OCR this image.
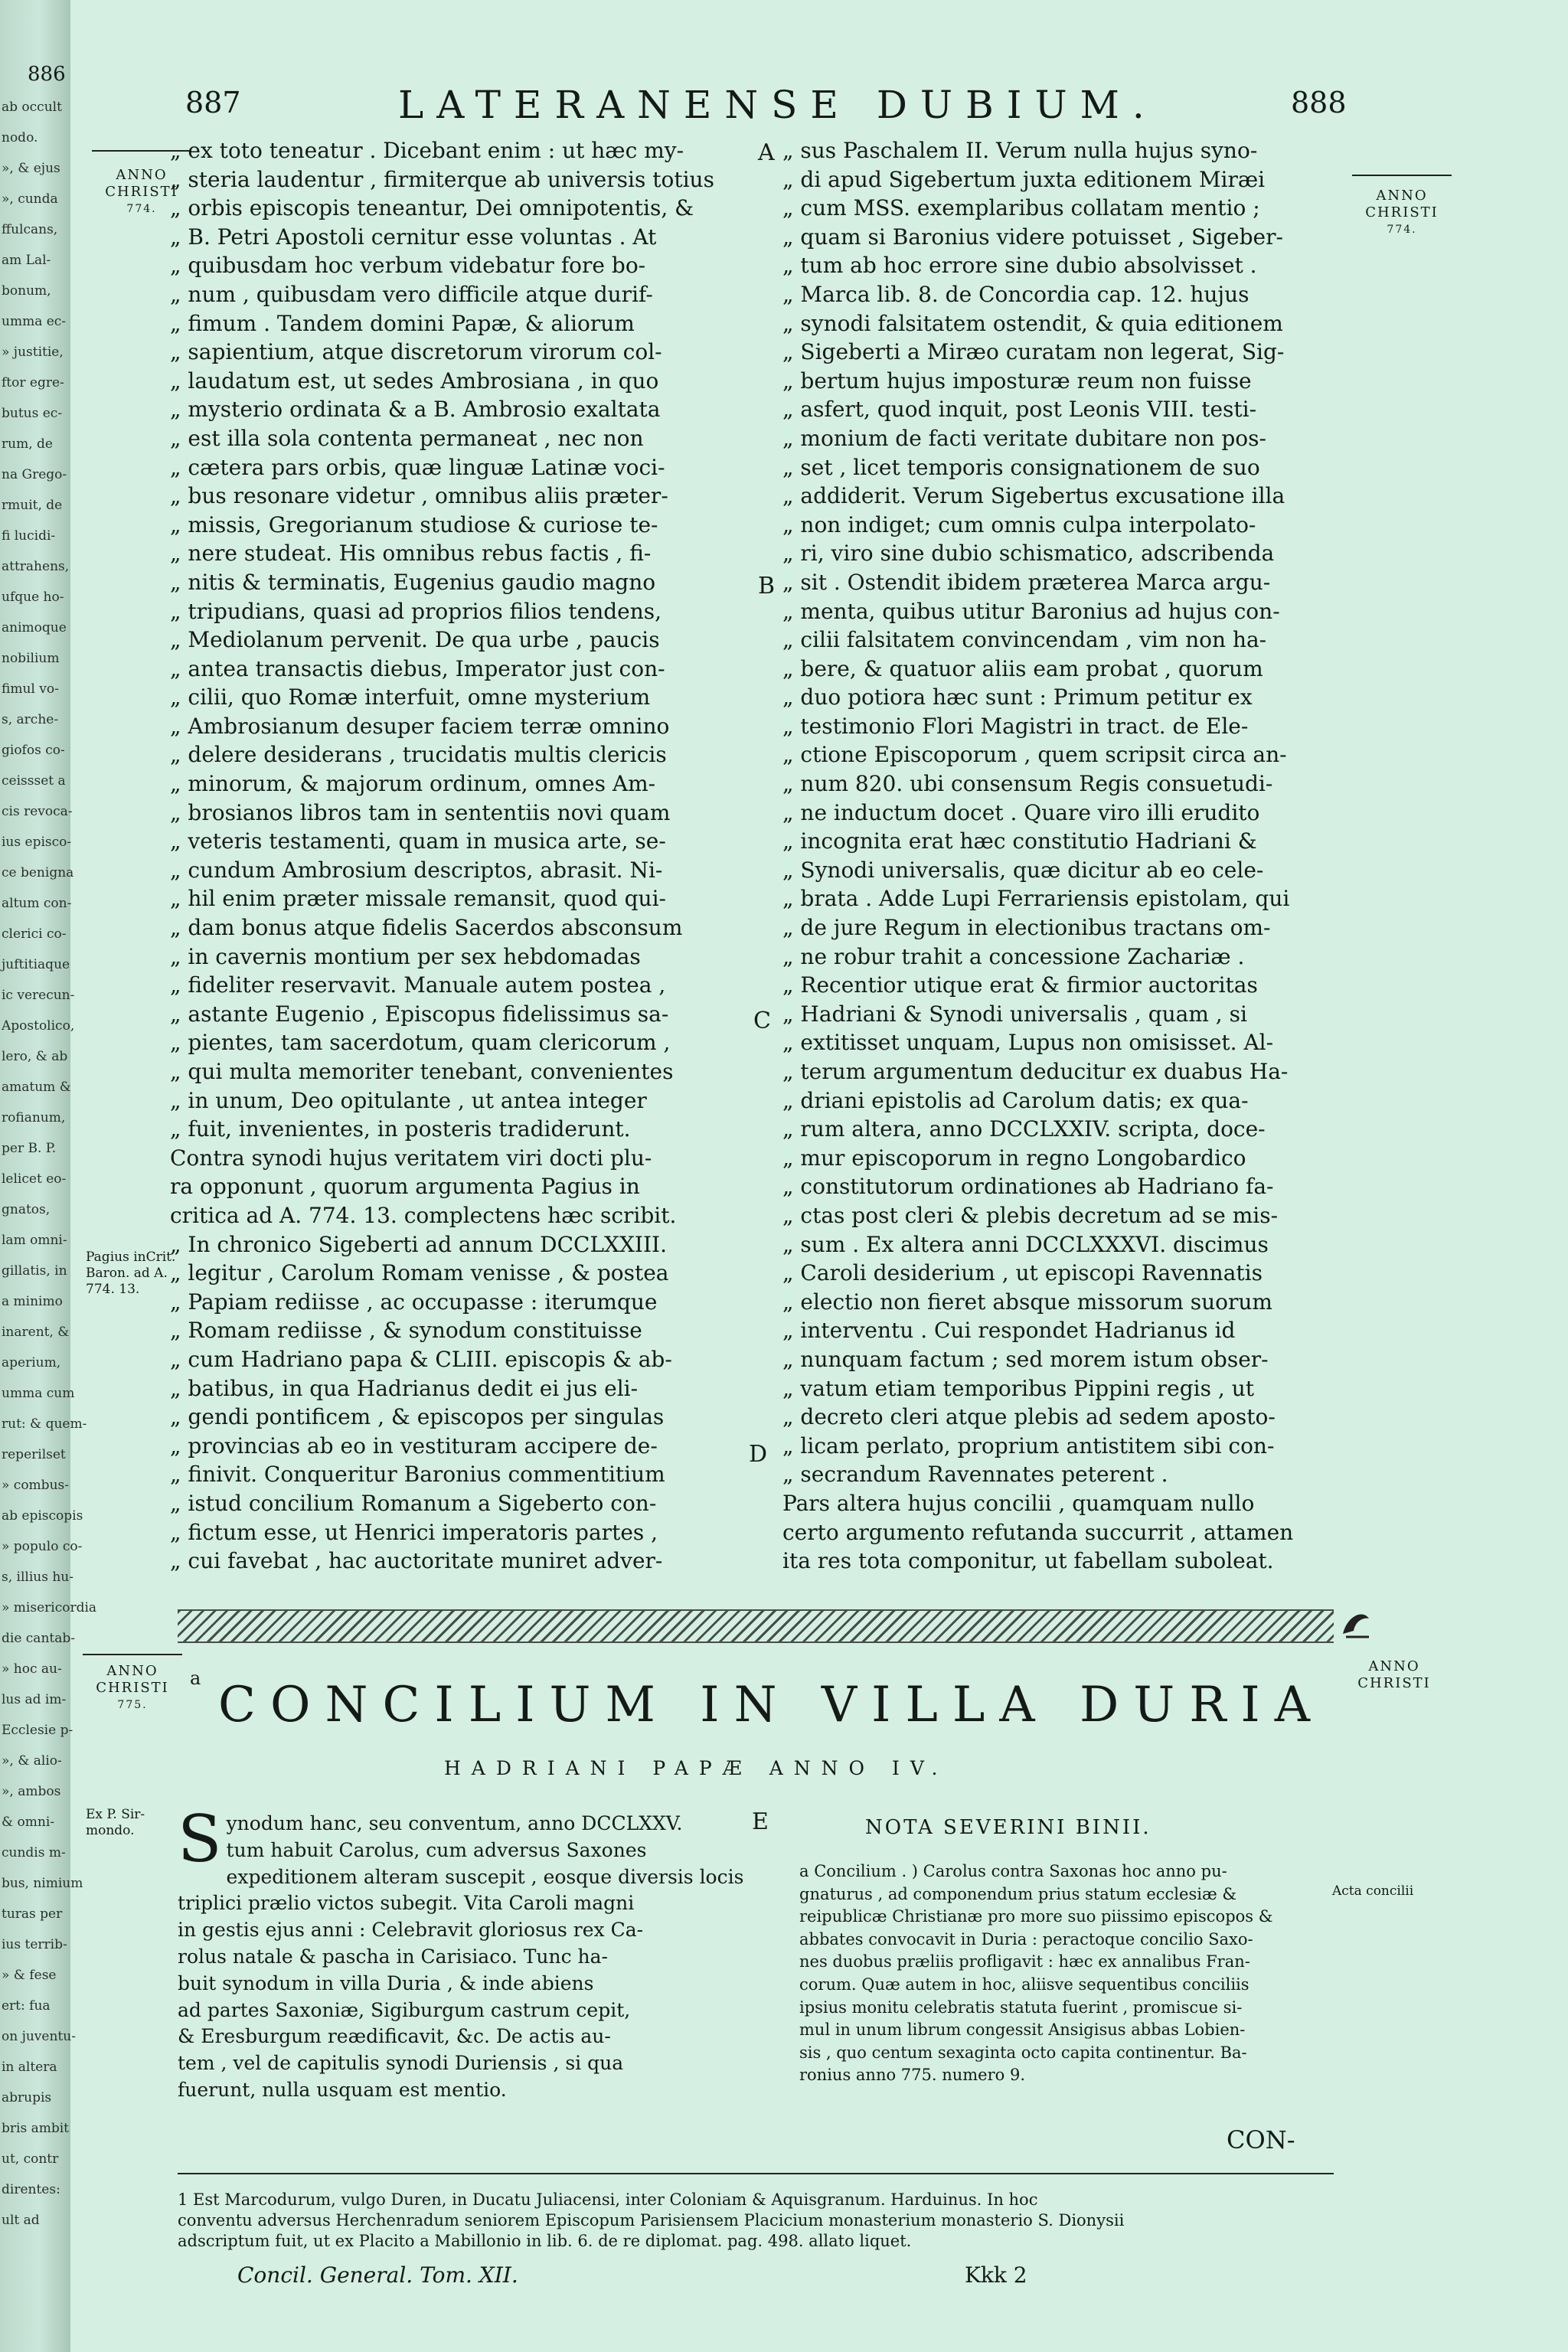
886
ab occult
nodo.
», & ejus
», cunda
ffulcans,
am Lal-
bonum,
umma ec-
» justitie,
ftor egre-
butus ec-
rum, de
na Grego-
rmuit, de
fi lucidi-
attrahens,
ufque ho-
animoque
nobilium
fimul vo-
s, arche-
giofos co-
ceissset a
cis revoca-
ius episco-
ce benigna
altum con-
clerici co-
juftitiaque
ic verecun-
Apostolico,
lero, & ab
amatum &
rofianum,
per B. P.
lelicet eo-
gnatos,
lam omni-
gillatis, in
a minimo
inarent, &
aperium,
umma cum
rut: & quem-
reperilset
» combus-
ab episcopis
» populo co-
s, illius hu-
» misericordia
die cantab-
» hoc au-
lus ad im-
Ecclesie p-
», & alio-
», ambos
& omni-
cundis m-
bus, nimium
turas per
ius terrib-
» & fese
ert: fua
on juventu-
in altera
abrupis
bris ambit
ut, contr
direntes:
ult ad
887	LATERANENSE DUBIUM.	888
ANNO
CHRISTI
774.
ANNO
CHRISTI
774.
Pagius inCrit.
Baron. ad A.
774. 13.
A
B
C
D
„ ex toto teneatur . Dicebant enim : ut hæc my-
„ steria laudentur , firmiterque ab universis totius
„ orbis episcopis teneantur, Dei omnipotentis, &
„ B. Petri Apostoli cernitur esse voluntas . At
„ quibusdam hoc verbum videbatur fore bo-
„ num , quibusdam vero difficile atque durif-
„ fimum . Tandem domini Papæ, & aliorum
„ sapientium, atque discretorum virorum col-
„ laudatum est, ut sedes Ambrosiana , in quo
„ mysterio ordinata & a B. Ambrosio exaltata
„ est illa sola contenta permaneat , nec non
„ cætera pars orbis, quæ linguæ Latinæ voci-
„ bus resonare videtur , omnibus aliis præter-
„ missis, Gregorianum studiose & curiose te-
„ nere studeat. His omnibus rebus factis , fi-
„ nitis & terminatis, Eugenius gaudio magno
„ tripudians, quasi ad proprios filios tendens,
„ Mediolanum pervenit. De qua urbe , paucis
„ antea transactis diebus, Imperator just con-
„ cilii, quo Romæ interfuit, omne mysterium
„ Ambrosianum desuper faciem terræ omnino
„ delere desiderans , trucidatis multis clericis
„ minorum, & majorum ordinum, omnes Am-
„ brosianos libros tam in sententiis novi quam
„ veteris testamenti, quam in musica arte, se-
„ cundum Ambrosium descriptos, abrasit. Ni-
„ hil enim præter missale remansit, quod qui-
„ dam bonus atque fidelis Sacerdos absconsum
„ in cavernis montium per sex hebdomadas
„ fideliter reservavit. Manuale autem postea ,
„ astante Eugenio , Episcopus fidelissimus sa-
„ pientes, tam sacerdotum, quam clericorum ,
„ qui multa memoriter tenebant, convenientes
„ in unum, Deo opitulante , ut antea integer
„ fuit, invenientes, in posteris tradiderunt.
Contra synodi hujus veritatem viri docti plu-
ra opponunt , quorum argumenta Pagius in
critica ad A. 774. 13. complectens hæc scribit.
„ In chronico Sigeberti ad annum DCCLXXIII.
„ legitur , Carolum Romam venisse , & postea
„ Papiam rediisse , ac occupasse : iterumque
„ Romam rediisse , & synodum constituisse
„ cum Hadriano papa & CLIII. episcopis & ab-
„ batibus, in qua Hadrianus dedit ei jus eli-
„ gendi pontificem , & episcopos per singulas
„ provincias ab eo in vestituram accipere de-
„ finivit. Conqueritur Baronius commentitium
„ istud concilium Romanum a Sigeberto con-
„ fictum esse, ut Henrici imperatoris partes ,
„ cui favebat , hac auctoritate muniret adver-
„ sus Paschalem II. Verum nulla hujus syno-
„ di apud Sigebertum juxta editionem Miræi
„ cum MSS. exemplaribus collatam mentio ;
„ quam si Baronius videre potuisset , Sigeber-
„ tum ab hoc errore sine dubio absolvisset .
„ Marca lib. 8. de Concordia cap. 12. hujus
„ synodi falsitatem ostendit, & quia editionem
„ Sigeberti a Miræo curatam non legerat, Sig-
„ bertum hujus imposturæ reum non fuisse
„ asfert, quod inquit, post Leonis VIII. testi-
„ monium de facti veritate dubitare non pos-
„ set , licet temporis consignationem de suo
„ addiderit. Verum Sigebertus excusatione illa
„ non indiget; cum omnis culpa interpolato-
„ ri, viro sine dubio schismatico, adscribenda
„ sit . Ostendit ibidem præterea Marca argu-
„ menta, quibus utitur Baronius ad hujus con-
„ cilii falsitatem convincendam , vim non ha-
„ bere, & quatuor aliis eam probat , quorum
„ duo potiora hæc sunt : Primum petitur ex
„ testimonio Flori Magistri in tract. de Ele-
„ ctione Episcoporum , quem scripsit circa an-
„ num 820. ubi consensum Regis consuetudi-
„ ne inductum docet . Quare viro illi erudito
„ incognita erat hæc constitutio Hadriani &
„ Synodi universalis, quæ dicitur ab eo cele-
„ brata . Adde Lupi Ferrariensis epistolam, qui
„ de jure Regum in electionibus tractans om-
„ ne robur trahit a concessione Zachariæ .
„ Recentior utique erat & firmior auctoritas
„ Hadriani & Synodi universalis , quam , si
„ extitisset unquam, Lupus non omisisset. Al-
„ terum argumentum deducitur ex duabus Ha-
„ driani epistolis ad Carolum datis; ex qua-
„ rum altera, anno DCCLXXIV. scripta, doce-
„ mur episcoporum in regno Longobardico
„ constitutorum ordinationes ab Hadriano fa-
„ ctas post cleri & plebis decretum ad se mis-
„ sum . Ex altera anni DCCLXXXVI. discimus
„ Caroli desiderium , ut episcopi Ravennatis
„ electio non fieret absque missorum suorum
„ interventu . Cui respondet Hadrianus id
„ nunquam factum ; sed morem istum obser-
„ vatum etiam temporibus Pippini regis , ut
„ decreto cleri atque plebis ad sedem aposto-
„ licam perlato, proprium antistitem sibi con-
„ secrandum Ravennates peterent .
Pars altera hujus concilii , quamquam nullo
certo argumento refutanda succurrit , attamen
ita res tota componitur, ut fabellam suboleat.
ANNO
CHRISTI
775.
ANNO
CHRISTI
Ex P. Sir-
mondo.
Acta concilii
a CONCILIUM IN VILLA DURIA
HADRIANI PAPÆ ANNO IV.
S ynodum hanc, seu conventum, anno DCCLXXV.
tum habuit Carolus, cum adversus Saxones
expeditionem alteram suscepit , eosque diversis locis
triplici prælio victos subegit. Vita Caroli magni
in gestis ejus anni : Celebravit gloriosus rex Ca-
rolus natale & pascha in Carisiaco. Tunc ha-
buit synodum in villa Duria , & inde abiens
ad partes Saxoniæ, Sigiburgum castrum cepit,
& Eresburgum reædificavit, &c. De actis au-
tem , vel de capitulis synodi Duriensis , si qua
fuerunt, nulla usquam est mentio.
E	NOTA SEVERINI BINII.
a Concilium . ) Carolus contra Saxonas hoc anno pu-
gnaturus , ad componendum prius statum ecclesiæ &
reipublicæ Christianæ pro more suo piissimo episcopos &
abbates convocavit in Duria : peractoque concilio Saxo-
nes duobus præliis profligavit : hæc ex annalibus Fran-
corum. Quæ autem in hoc, aliisve sequentibus conciliis
ipsius monitu celebratis statuta fuerint , promiscue si-
mul in unum librum congessit Ansigisus abbas Lobien-
sis , quo centum sexaginta octo capita continentur. Ba-
ronius anno 775. numero 9.
CON-
1 Est Marcodurum, vulgo Duren, in Ducatu Juliacensi, inter Coloniam & Aquisgranum. Harduinus. In hoc
conventu adversus Herchenradum seniorem Episcopum Parisiensem Placicium monasterium monasterio S. Dionysii
adscriptum fuit, ut ex Placito a Mabillonio in lib. 6. de re diplomat. pag. 498. allato liquet.
Concil. General. Tom. XII.	Kkk 2
